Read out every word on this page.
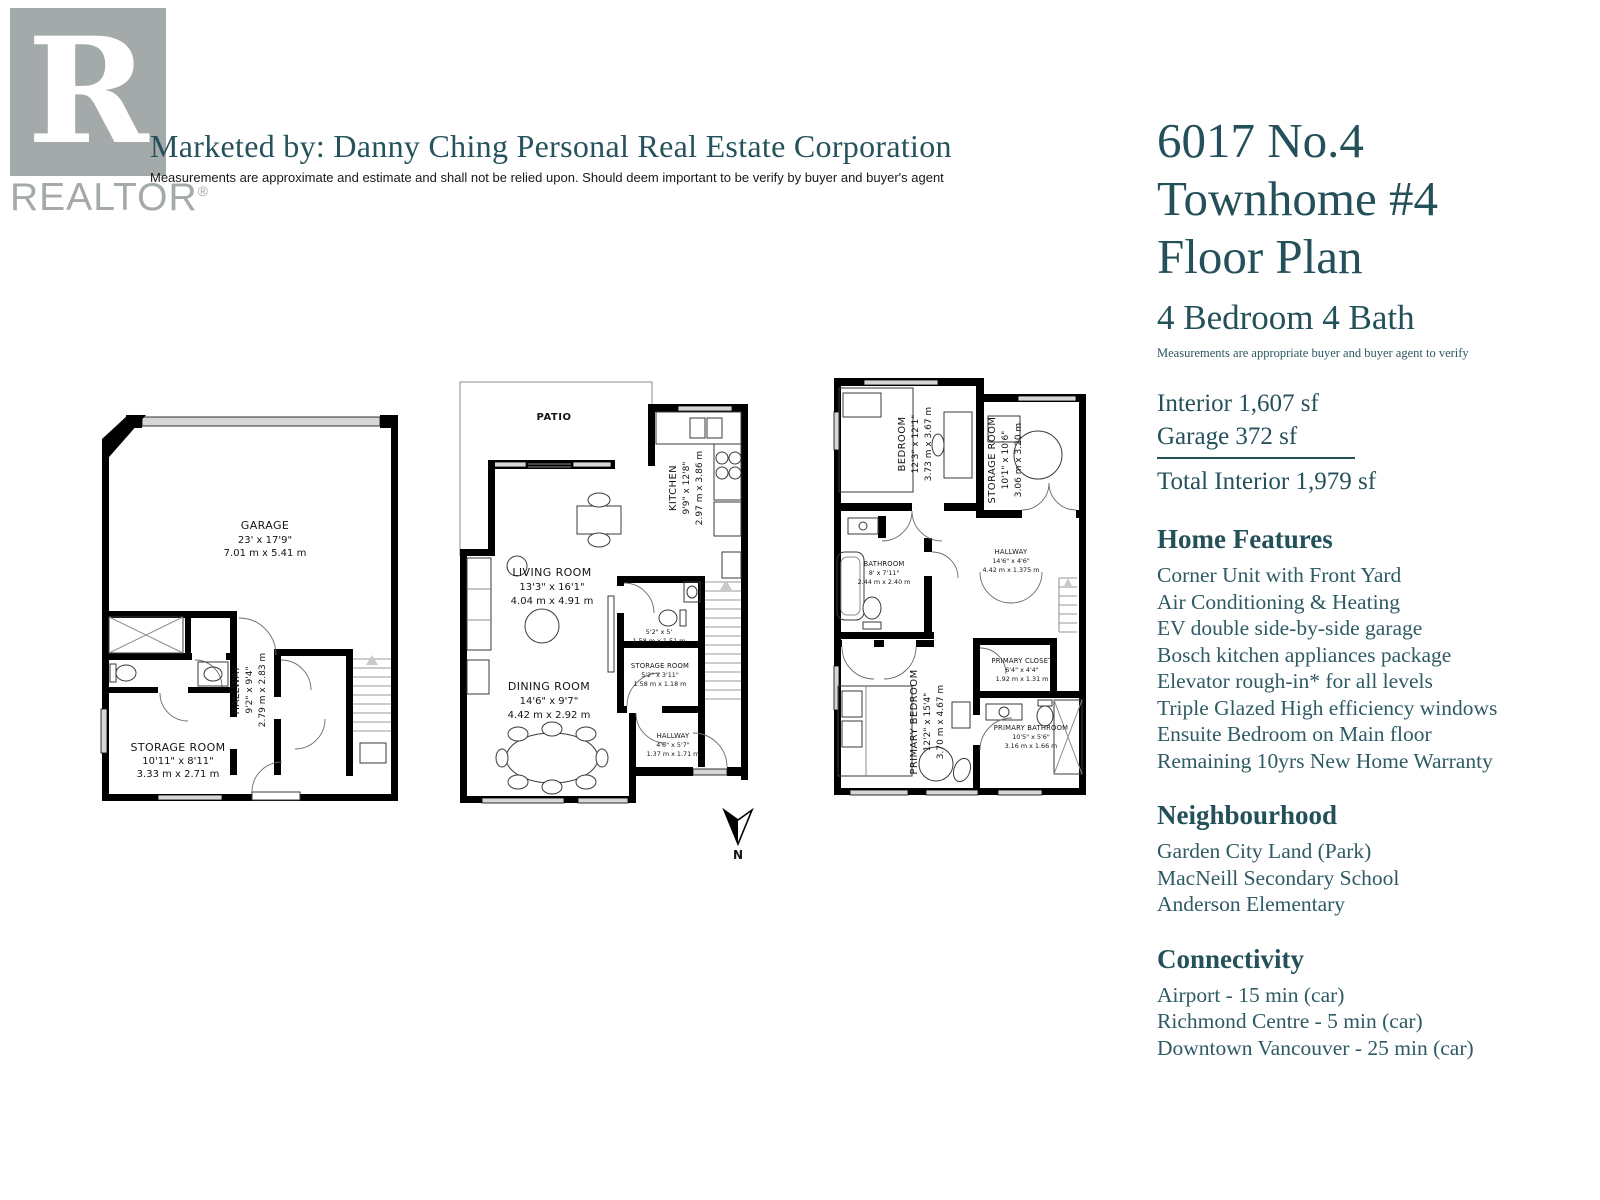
R
REALTOR®
Marketed by: Danny Ching Personal Real Estate Corporation
Measurements are approximate and estimate and shall not be relied upon. Should deem important to be verify by buyer and buyer's agent
6017 No.4
Townhome #4
Floor Plan
4 Bedroom 4 Bath
Measurements are appropriate buyer and buyer agent to verify
Interior 1,607 sf
Garage 372 sf
Total Interior 1,979 sf
Home Features
Corner Unit with Front Yard
Air Conditioning & Heating
EV double side-by-side garage
Bosch kitchen appliances package
Elevator rough-in* for all levels
Triple Glazed High efficiency windows
Ensuite Bedroom on Main floor
Remaining 10yrs New Home Warranty
Neighbourhood
Garden City Land (Park)
MacNeill Secondary School
Anderson Elementary
Connectivity
Airport - 15 min (car)
Richmond Centre - 5 min (car)
Downtown Vancouver - 25 min (car)
GARAGE
23' x 17'9"
7.01 m x 5.41 m
HALLWAY 9'2" x 9'4" 2.79 m x 2.83 m
STORAGE ROOM
10'11" x 8'11"
3.33 m x 2.71 m
PATIO
KITCHEN 9'9" x 12'8" 2.97 m x 3.86 m
LIVING ROOM
13'3" x 16'1"
4.04 m x 4.91 m
DINING ROOM
14'6" x 9'7"
4.42 m x 2.92 m
5'2" x 5'
1.58 m x 1.51 m
STORAGE ROOM
5'2" x 3'11"
1.58 m x 1.18 m
HALLWAY
4'6" x 5'7"
1.37 m x 1.71 m
BEDROOM 12'3" x 12'1" 3.73 m x 3.67 m	STORAGE ROOM 10'1" x 10'6" 3.06 m x 3.20 m
BATHROOM
8' x 7'11"
2.44 m x 2.40 m
HALLWAY
14'6" x 4'6"
4.42 m x 1.375 m
PRIMARY BEDROOM 12'2" x 15'4" 3.70 m x 4.67 m
PRIMARY CLOSET
6'4" x 4'4"
1.92 m x 1.31 m
PRIMARY BATHROOM
10'5" x 5'6"
3.16 m x 1.66 m
N
